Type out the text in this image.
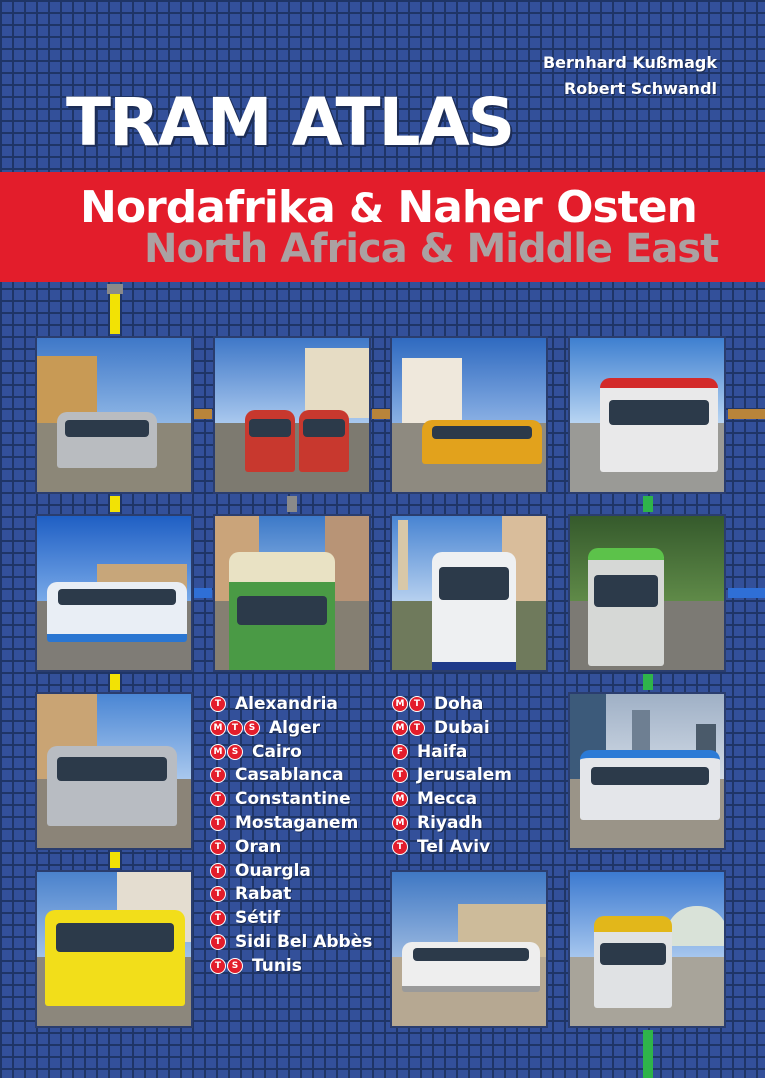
Bernhard Kußmagk
Robert Schwandl
TRAM ATLAS
North Africa & Middle East
Nordafrika & Naher Osten
T Alexandria
M	T	S Alger
M	S Cairo
T Casablanca
T Constantine
T Mostaganem
T Oran
T Ouargla
T Rabat
T Sétif
T Sidi Bel Abbès
T	S Tunis
M	T Doha
M	T Dubai
F Haifa
T Jerusalem
M Mecca
M Riyadh
T Tel Aviv
